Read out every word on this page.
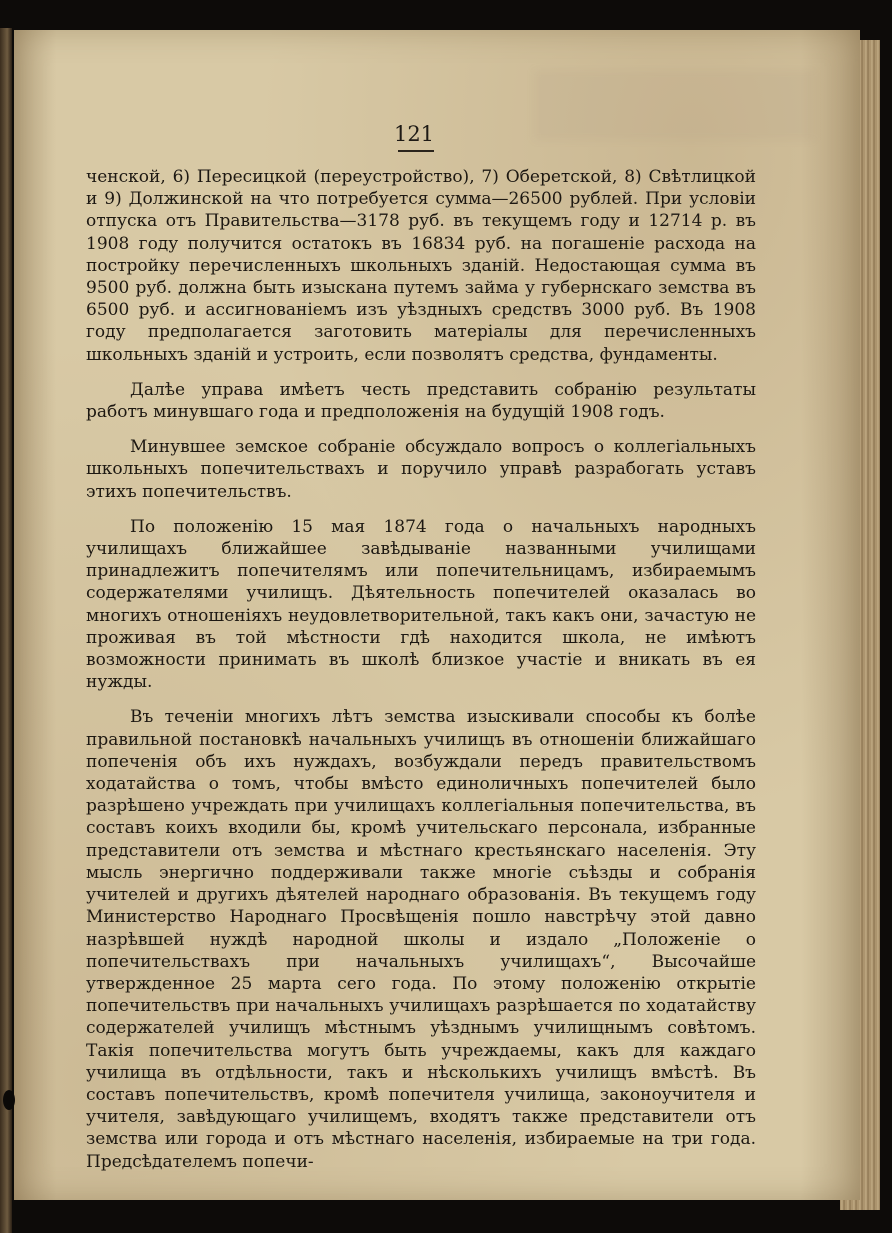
121

ченской, 6) Пересицкой (переустройство), 7) Оберетской, 8) Свѣтлицкой и 9) Должинской на что потребуется сумма—26500 рублей. При условіи отпуска отъ Правительства—3178 руб. въ текущемъ году и 12714 р. въ 1908 году получится остатокъ въ 16834 руб. на погашеніе расхода на постройку перечисленныхъ школьныхъ зданій. Недостающая сумма въ 9500 руб. должна быть изыскана путемъ займа у губернскаго земства въ 6500 руб. и ассигнованіемъ изъ уѣздныхъ средствъ 3000 руб. Въ 1908 году предполагается заготовить матеріалы для перечисленныхъ школьныхъ зданій и устроить, если позволятъ средства, фундаменты.

Далѣе управа имѣетъ честь представить собранію результаты работъ минувшаго года и предположенія на будущій 1908 годъ.

Минувшее земское собраніе обсуждало вопросъ о коллегіальныхъ школьныхъ попечительствахъ и поручило управѣ разрабогать уставъ этихъ попечительствъ.

По положенію 15 мая 1874 года о начальныхъ народныхъ училищахъ ближайшее завѣдываніе названными училищами принадлежитъ попечителямъ или попечительницамъ, избираемымъ содержателями училищъ. Дѣятельность попечителей оказалась во многихъ отношеніяхъ неудовлетворительной, такъ какъ они, зачастую не проживая въ той мѣстности гдѣ находится школа, не имѣютъ возможности принимать въ школѣ близкое участіе и вникать въ ея нужды.

Въ теченіи многихъ лѣтъ земства изыскивали способы къ болѣе правильной постановкѣ начальныхъ училищъ въ отношеніи ближайшаго попеченія объ ихъ нуждахъ, возбуждали передъ правительствомъ ходатайства о томъ, чтобы вмѣсто единоличныхъ попечителей было разрѣшено учреждать при училищахъ коллегіальныя попечительства, въ составъ коихъ входили бы, кромѣ учительскаго персонала, избранные представители отъ земства и мѣстнаго крестьянскаго населенія. Эту мысль энергично поддерживали также многіе съѣзды и собранія учителей и другихъ дѣятелей народнаго образованія. Въ текущемъ году Министерство Народнаго Просвѣщенія пошло навстрѣчу этой давно назрѣвшей нуждѣ народной школы и издало „Положеніе о попечительствахъ при начальныхъ училищахъ“, Высочайше утвержденное 25 марта сего года. По этому положенію открытіе попечительствъ при начальныхъ училищахъ разрѣшается по ходатайству содержателей училищъ мѣстнымъ уѣзднымъ училищнымъ совѣтомъ. Такія попечительства могутъ быть учреждаемы, какъ для каждаго училища въ отдѣльности, такъ и нѣсколькихъ училищъ вмѣстѣ. Въ составъ попечительствъ, кромѣ попечителя училища, законоучителя и учителя, завѣдующаго училищемъ, входятъ также представители отъ земства или города и отъ мѣстнаго населенія, избираемые на три года. Предсѣдателемъ попечи-
